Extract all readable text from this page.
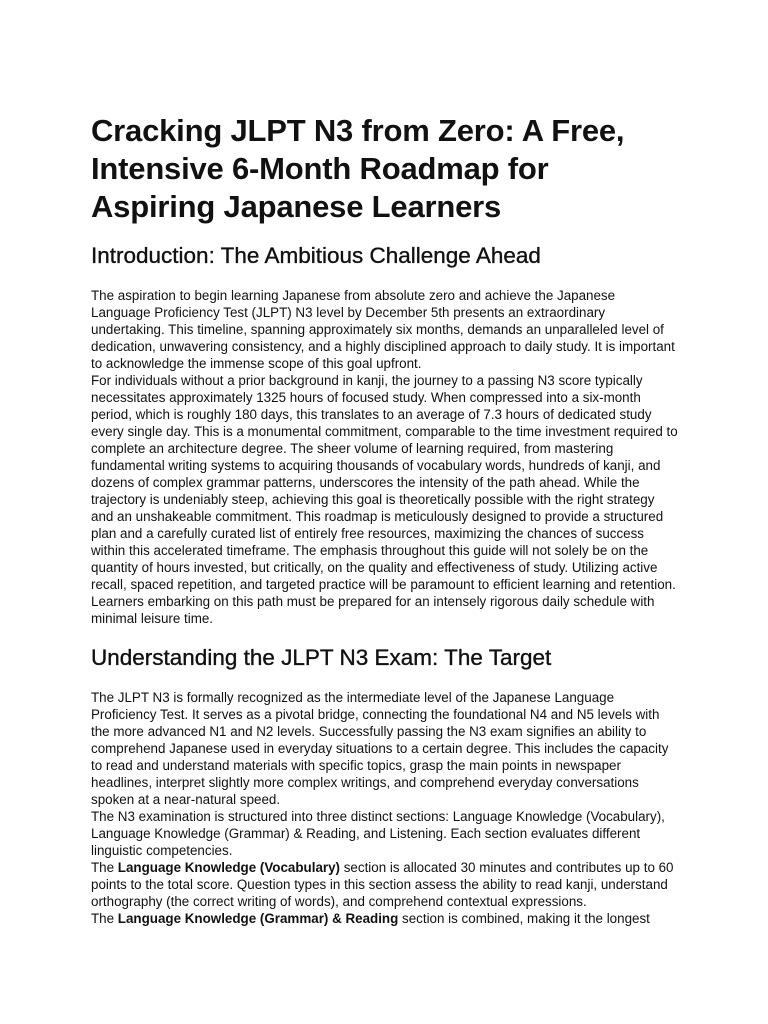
Cracking JLPT N3 from Zero: A Free, Intensive 6-Month Roadmap for Aspiring Japanese Learners
Introduction: The Ambitious Challenge Ahead

The aspiration to begin learning Japanese from absolute zero and achieve the Japanese Language Proficiency Test (JLPT) N3 level by December 5th presents an extraordinary undertaking. This timeline, spanning approximately six months, demands an unparalleled level of dedication, unwavering consistency, and a highly disciplined approach to daily study. It is important to acknowledge the immense scope of this goal upfront.

For individuals without a prior background in kanji, the journey to a passing N3 score typically necessitates approximately 1325 hours of focused study. When compressed into a six-month period, which is roughly 180 days, this translates to an average of 7.3 hours of dedicated study every single day. This is a monumental commitment, comparable to the time investment required to complete an architecture degree. The sheer volume of learning required, from mastering fundamental writing systems to acquiring thousands of vocabulary words, hundreds of kanji, and dozens of complex grammar patterns, underscores the intensity of the path ahead. While the trajectory is undeniably steep, achieving this goal is theoretically possible with the right strategy and an unshakeable commitment. This roadmap is meticulously designed to provide a structured plan and a carefully curated list of entirely free resources, maximizing the chances of success within this accelerated timeframe. The emphasis throughout this guide will not solely be on the quantity of hours invested, but critically, on the quality and effectiveness of study. Utilizing active recall, spaced repetition, and targeted practice will be paramount to efficient learning and retention. Learners embarking on this path must be prepared for an intensely rigorous daily schedule with minimal leisure time.

Understanding the JLPT N3 Exam: The Target

The JLPT N3 is formally recognized as the intermediate level of the Japanese Language Proficiency Test. It serves as a pivotal bridge, connecting the foundational N4 and N5 levels with the more advanced N1 and N2 levels. Successfully passing the N3 exam signifies an ability to comprehend Japanese used in everyday situations to a certain degree. This includes the capacity to read and understand materials with specific topics, grasp the main points in newspaper headlines, interpret slightly more complex writings, and comprehend everyday conversations spoken at a near-natural speed.

The N3 examination is structured into three distinct sections: Language Knowledge (Vocabulary), Language Knowledge (Grammar) & Reading, and Listening. Each section evaluates different linguistic competencies.

The Language Knowledge (Vocabulary) section is allocated 30 minutes and contributes up to 60 points to the total score. Question types in this section assess the ability to read kanji, understand orthography (the correct writing of words), and comprehend contextual expressions.

The Language Knowledge (Grammar) & Reading section is combined, making it the longest
